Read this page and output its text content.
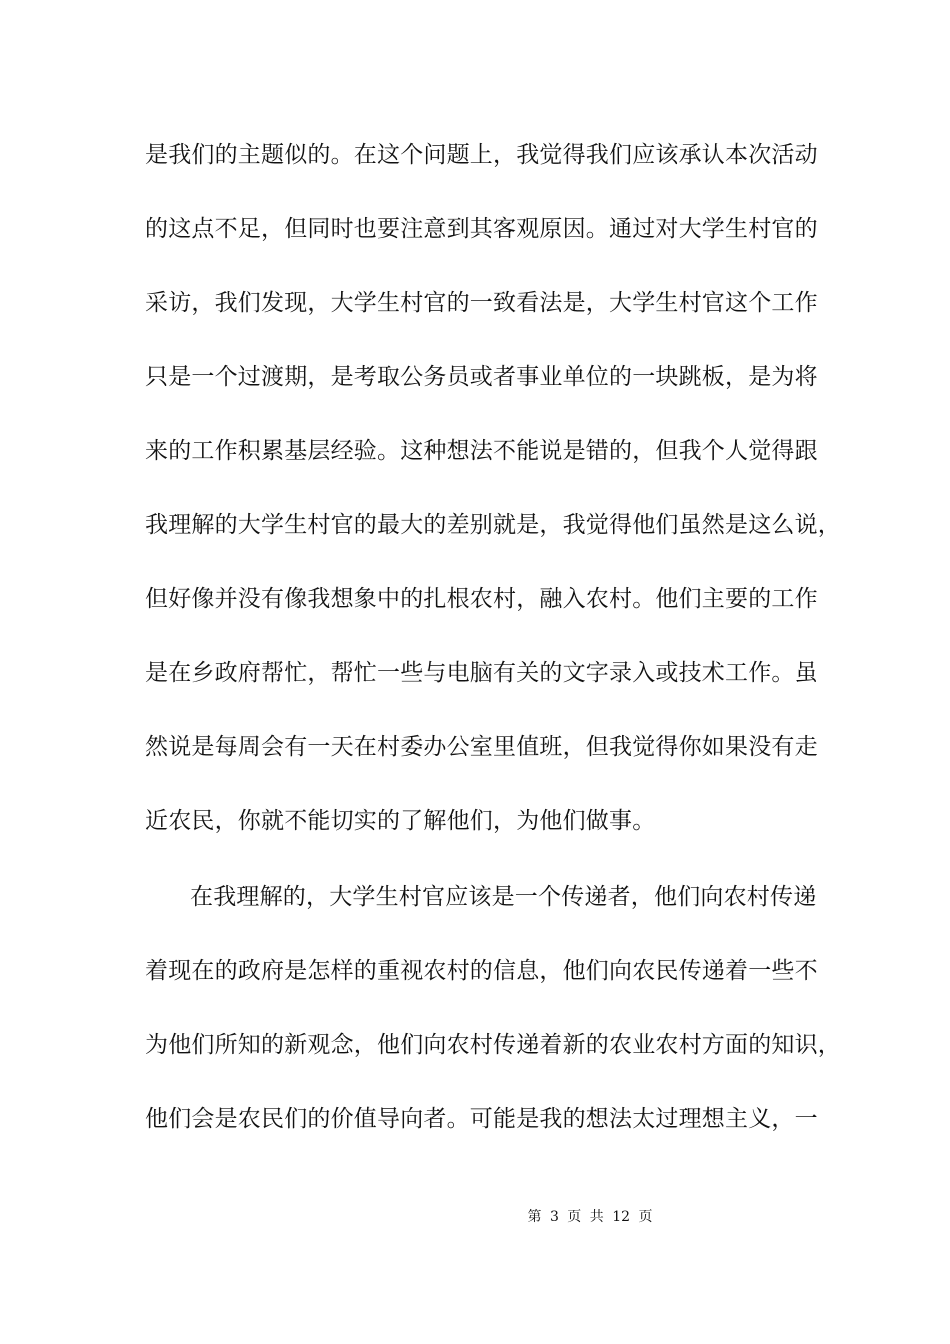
是我们的主题似的。在这个问题上，我觉得我们应该承认本次活动
的这点不足，但同时也要注意到其客观原因。通过对大学生村官的
采访，我们发现，大学生村官的一致看法是，大学生村官这个工作
只是一个过渡期，是考取公务员或者事业单位的一块跳板，是为将
来的工作积累基层经验。这种想法不能说是错的，但我个人觉得跟
我理解的大学生村官的最大的差别就是，我觉得他们虽然是这么说，
但好像并没有像我想象中的扎根农村，融入农村。他们主要的工作
是在乡政府帮忙，帮忙一些与电脑有关的文字录入或技术工作。虽
然说是每周会有一天在村委办公室里值班，但我觉得你如果没有走
近农民，你就不能切实的了解他们，为他们做事。
在我理解的，大学生村官应该是一个传递者，他们向农村传递
着现在的政府是怎样的重视农村的信息，他们向农民传递着一些不
为他们所知的新观念，他们向农村传递着新的农业农村方面的知识，
他们会是农民们的价值导向者。可能是我的想法太过理想主义，一
第 3 页 共 12 页
